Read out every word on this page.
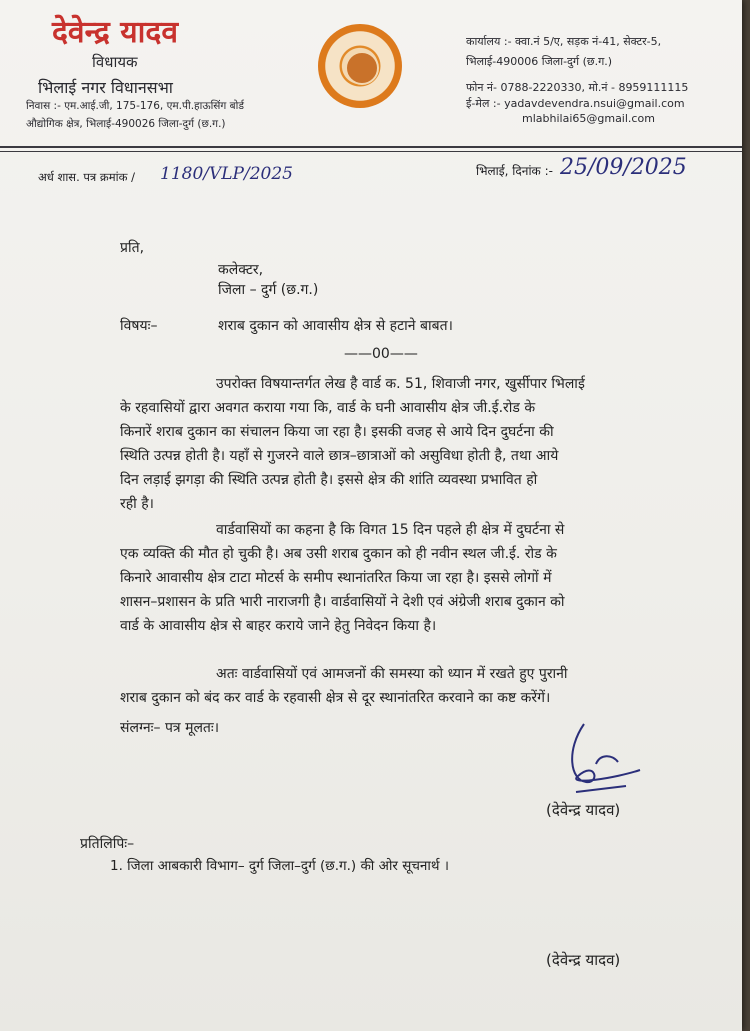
देवेन्द्र यादव
विधायक
भिलाई नगर विधानसभा
निवास :- एम.आई.जी, 175-176, एम.पी.हाऊसिंग बोर्ड
औद्योगिक क्षेत्र, भिलाई-490026 जिला-दुर्ग (छ.ग.)
कार्यालय :- क्वा.नं 5/ए, सड़क नं-41, सेक्टर-5,
भिलाई-490006 जिला-दुर्ग (छ.ग.)
फोन नं- 0788-2220330, मो.नं - 8959111115
ई-मेल :- yadavdevendra.nsui@gmail.com
mlabhilai65@gmail.com
अर्ध शास. पत्र क्रमांक / 1180/VLP/2025	भिलाई, दिनांक :- 25/09/2025
प्रति,
कलेक्टर,
जिला – दुर्ग (छ.ग.)
विषयः–	शराब दुकान को आवासीय क्षेत्र से हटाने बाबत।
——00——
उपरोक्त विषयान्तर्गत लेख है वार्ड क. 51, शिवाजी नगर, खुर्सीपार भिलाई
के रहवासियों द्वारा अवगत कराया गया कि, वार्ड के घनी आवासीय क्षेत्र जी.ई.रोड के
किनारें शराब दुकान का संचालन किया जा रहा है। इसकी वजह से आये दिन दुघर्टना की
स्थिति उत्पन्न होती है। यहाँ से गुजरने वाले छात्र–छात्राओं को असुविधा होती है, तथा आये
दिन लड़ाई झगड़ा की स्थिति उत्पन्न होती है। इससे क्षेत्र की शांति व्यवस्था प्रभावित हो
रही है।
वार्डवासियों का कहना है कि विगत 15 दिन पहले ही क्षेत्र में दुघर्टना से
एक व्यक्ति की मौत हो चुकी है। अब उसी शराब दुकान को ही नवीन स्थल जी.ई. रोड के
किनारे आवासीय क्षेत्र टाटा मोटर्स के समीप स्थानांतरित किया जा रहा है। इससे लोगों में
शासन–प्रशासन के प्रति भारी नाराजगी है। वार्डवासियों ने देशी एवं अंग्रेजी शराब दुकान को
वार्ड के आवासीय क्षेत्र से बाहर कराये जाने हेतु निवेदन किया है।
अतः वार्डवासियों एवं आमजनों की समस्या को ध्यान में रखते हुए पुरानी
शराब दुकान को बंद कर वार्ड के रहवासी क्षेत्र से दूर स्थानांतरित करवाने का कष्ट करेंगें।
संलग्नः– पत्र मूलतः।
(देवेन्द्र यादव)
प्रतिलिपिः–
1. जिला आबकारी विभाग– दुर्ग जिला–दुर्ग (छ.ग.) की ओर सूचनार्थ ।
(देवेन्द्र यादव)
